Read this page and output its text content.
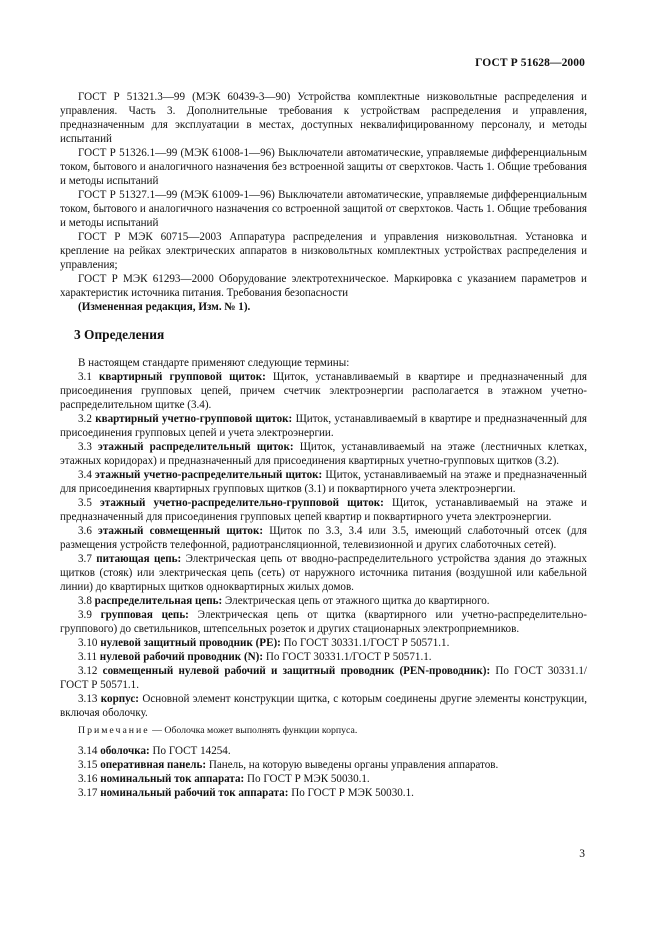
ГОСТ Р 51628—2000

ГОСТ Р 51321.3—99 (МЭК 60439-3—90) Устройства комплектные низковольтные распределения и управления. Часть 3. Дополнительные требования к устройствам распределения и управления, предназначенным для эксплуатации в местах, доступных неквалифицированному персоналу, и методы испытаний

ГОСТ Р 51326.1—99 (МЭК 61008-1—96) Выключатели автоматические, управляемые дифференциальным током, бытового и аналогичного назначения без встроенной защиты от сверхтоков. Часть 1. Общие требования и методы испытаний

ГОСТ Р 51327.1—99 (МЭК 61009-1—96) Выключатели автоматические, управляемые дифференциальным током, бытового и аналогичного назначения со встроенной защитой от сверхтоков. Часть 1. Общие требования и методы испытаний

ГОСТ Р МЭК 60715—2003 Аппаратура распределения и управления низковольтная. Установка и крепление на рейках электрических аппаратов в низковольтных комплектных устройствах распределения и управления;

ГОСТ Р МЭК 61293—2000 Оборудование электротехническое. Маркировка с указанием параметров и характеристик источника питания. Требования безопасности

(Измененная редакция, Изм. № 1).

3 Определения

В настоящем стандарте применяют следующие термины:

3.1 квартирный групповой щиток: Щиток, устанавливаемый в квартире и предназначенный для присоединения групповых цепей, причем счетчик электроэнергии располагается в этажном учетно-распределительном щитке (3.4).

3.2 квартирный учетно-групповой щиток: Щиток, устанавливаемый в квартире и предназначенный для присоединения групповых цепей и учета электроэнергии.

3.3 этажный распределительный щиток: Щиток, устанавливаемый на этаже (лестничных клетках, этажных коридорах) и предназначенный для присоединения квартирных учетно-групповых щитков (3.2).

3.4 этажный учетно-распределительный щиток: Щиток, устанавливаемый на этаже и предназначенный для присоединения квартирных групповых щитков (3.1) и поквартирного учета электроэнергии.

3.5 этажный учетно-распределительно-групповой щиток: Щиток, устанавливаемый на этаже и предназначенный для присоединения групповых цепей квартир и поквартирного учета электроэнергии.

3.6 этажный совмещенный щиток: Щиток по 3.3, 3.4 или 3.5, имеющий слаботочный отсек (для размещения устройств телефонной, радиотрансляционной, телевизионной и других слаботочных сетей).

3.7 питающая цепь: Электрическая цепь от вводно-распределительного устройства здания до этажных щитков (стояк) или электрическая цепь (сеть) от наружного источника питания (воздушной или кабельной линии) до квартирных щитков одноквартирных жилых домов.

3.8 распределительная цепь: Электрическая цепь от этажного щитка до квартирного.

3.9 групповая цепь: Электрическая цепь от щитка (квартирного или учетно-распределительно-группового) до светильников, штепсельных розеток и других стационарных электроприемников.

3.10 нулевой защитный проводник (PE): По ГОСТ 30331.1/ГОСТ Р 50571.1.

3.11 нулевой рабочий проводник (N): По ГОСТ 30331.1/ГОСТ Р 50571.1.

3.12 совмещенный нулевой рабочий и защитный проводник (PEN-проводник): По ГОСТ 30331.1/ГОСТ Р 50571.1.

3.13 корпус: Основной элемент конструкции щитка, с которым соединены другие элементы конструкции, включая оболочку.

Примечание — Оболочка может выполнять функции корпуса.

3.14 оболочка: По ГОСТ 14254.

3.15 оперативная панель: Панель, на которую выведены органы управления аппаратов.

3.16 номинальный ток аппарата: По ГОСТ Р МЭК 50030.1.

3.17 номинальный рабочий ток аппарата: По ГОСТ Р МЭК 50030.1.

3
